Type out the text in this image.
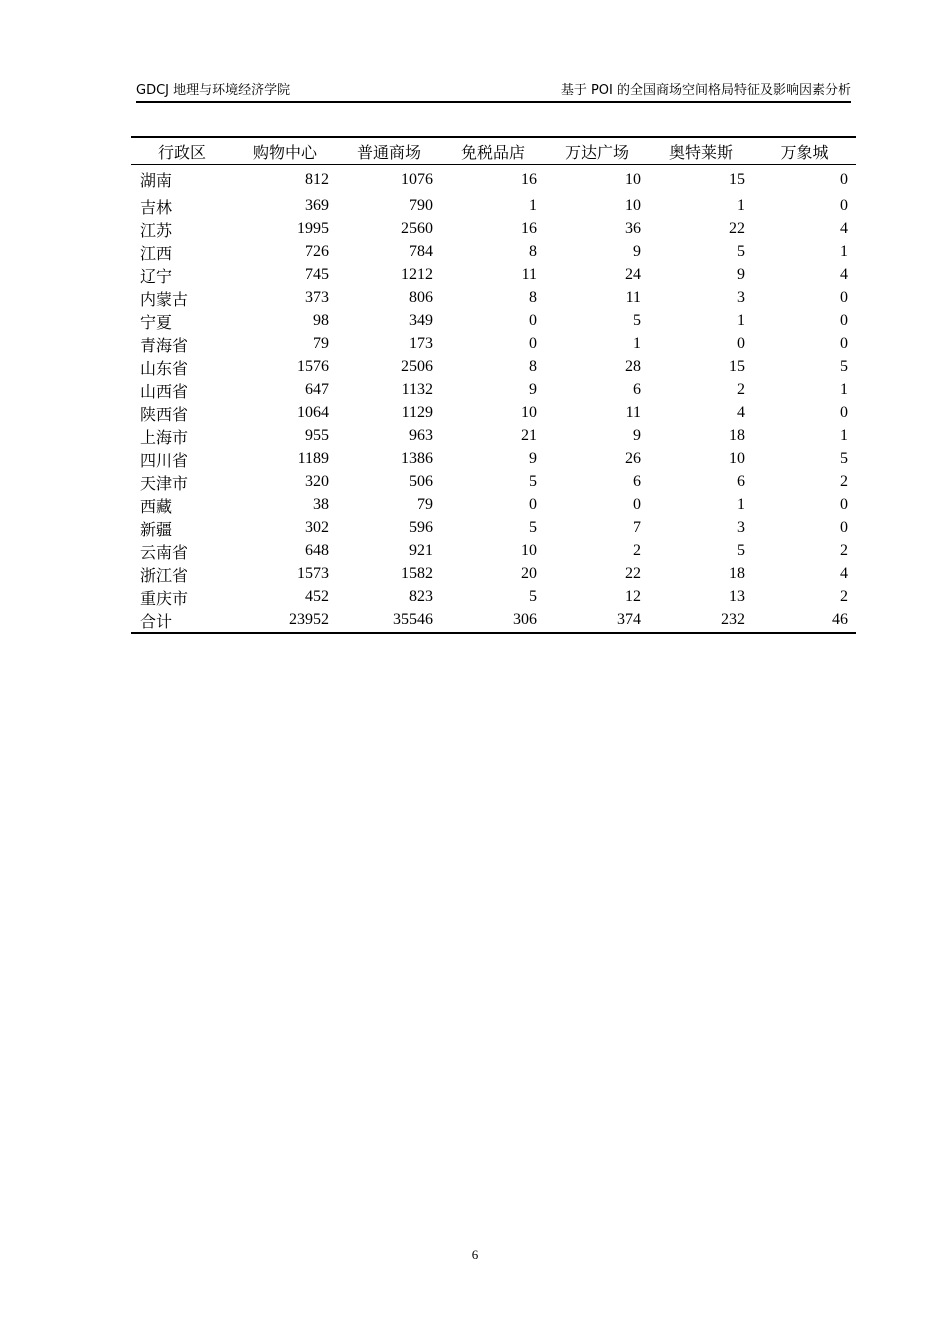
GDCJ 地理与环境经济学院	基于 POI 的全国商场空间格局特征及影响因素分析
行政区	购物中心	普通商场	免税品店	万达广场	奥特莱斯	万象城
湖南	812	1076	16	10	15	0
吉林	369	790	1	10	1	0
江苏	1995	2560	16	36	22	4
江西	726	784	8	9	5	1
辽宁	745	1212	11	24	9	4
内蒙古	373	806	8	11	3	0
宁夏	98	349	0	5	1	0
青海省	79	173	0	1	0	0
山东省	1576	2506	8	28	15	5
山西省	647	1132	9	6	2	1
陕西省	1064	1129	10	11	4	0
上海市	955	963	21	9	18	1
四川省	1189	1386	9	26	10	5
天津市	320	506	5	6	6	2
西藏	38	79	0	0	1	0
新疆	302	596	5	7	3	0
云南省	648	921	10	2	5	2
浙江省	1573	1582	20	22	18	4
重庆市	452	823	5	12	13	2
合计	23952	35546	306	374	232	46
6
